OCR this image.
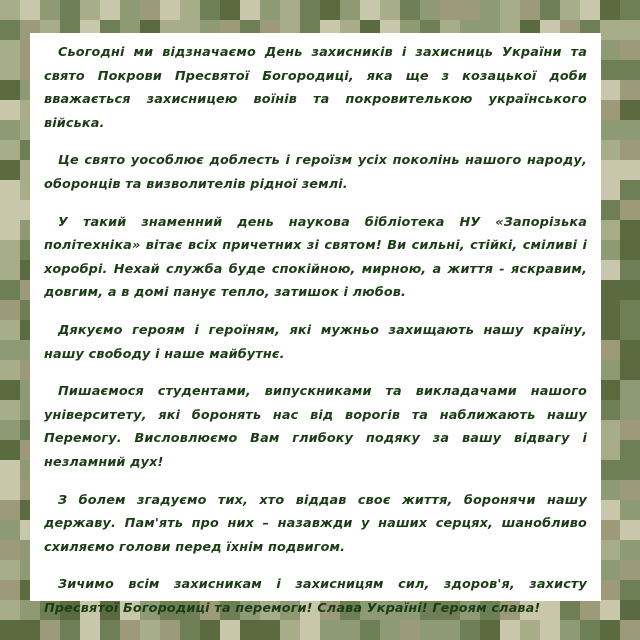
Сьогодні ми відзначаємо День захисників і захисниць України та свято Покрови Пресвятої Богородиці, яка ще з козацької доби вважається захисницею воїнів та покровителькою українського війська.

Це свято уособлює доблесть і героїзм усіх поколінь нашого народу, оборонців та визволителів рідної землі.

У такий знаменний день наукова бібліотека НУ «Запорізька політехніка» вітає всіх причетних зі святом! Ви сильні, стійкі, сміливі і хоробрі. Нехай служба буде спокійною, мирною, а життя - яскравим, довгим, а в домі панує тепло, затишок і любов.

Дякуємо героям і героїням, які мужньо захищають нашу країну, нашу свободу і наше майбутнє.

Пишаємося студентами, випускниками та викладачами нашого університету, які боронять нас від ворогів та наближають нашу Перемогу. Висловлюємо Вам глибоку подяку за вашу відвагу і незламний дух!

З болем згадуємо тих, хто віддав своє життя, боронячи нашу державу. Пам'ять про них – назавжди у наших серцях, шанобливо схиляємо голови перед їхнім подвигом.

Зичимо всім захисникам і захисницям сил, здоров'я, захисту Пресвятої Богородиці та перемоги! Слава Україні! Героям слава!
